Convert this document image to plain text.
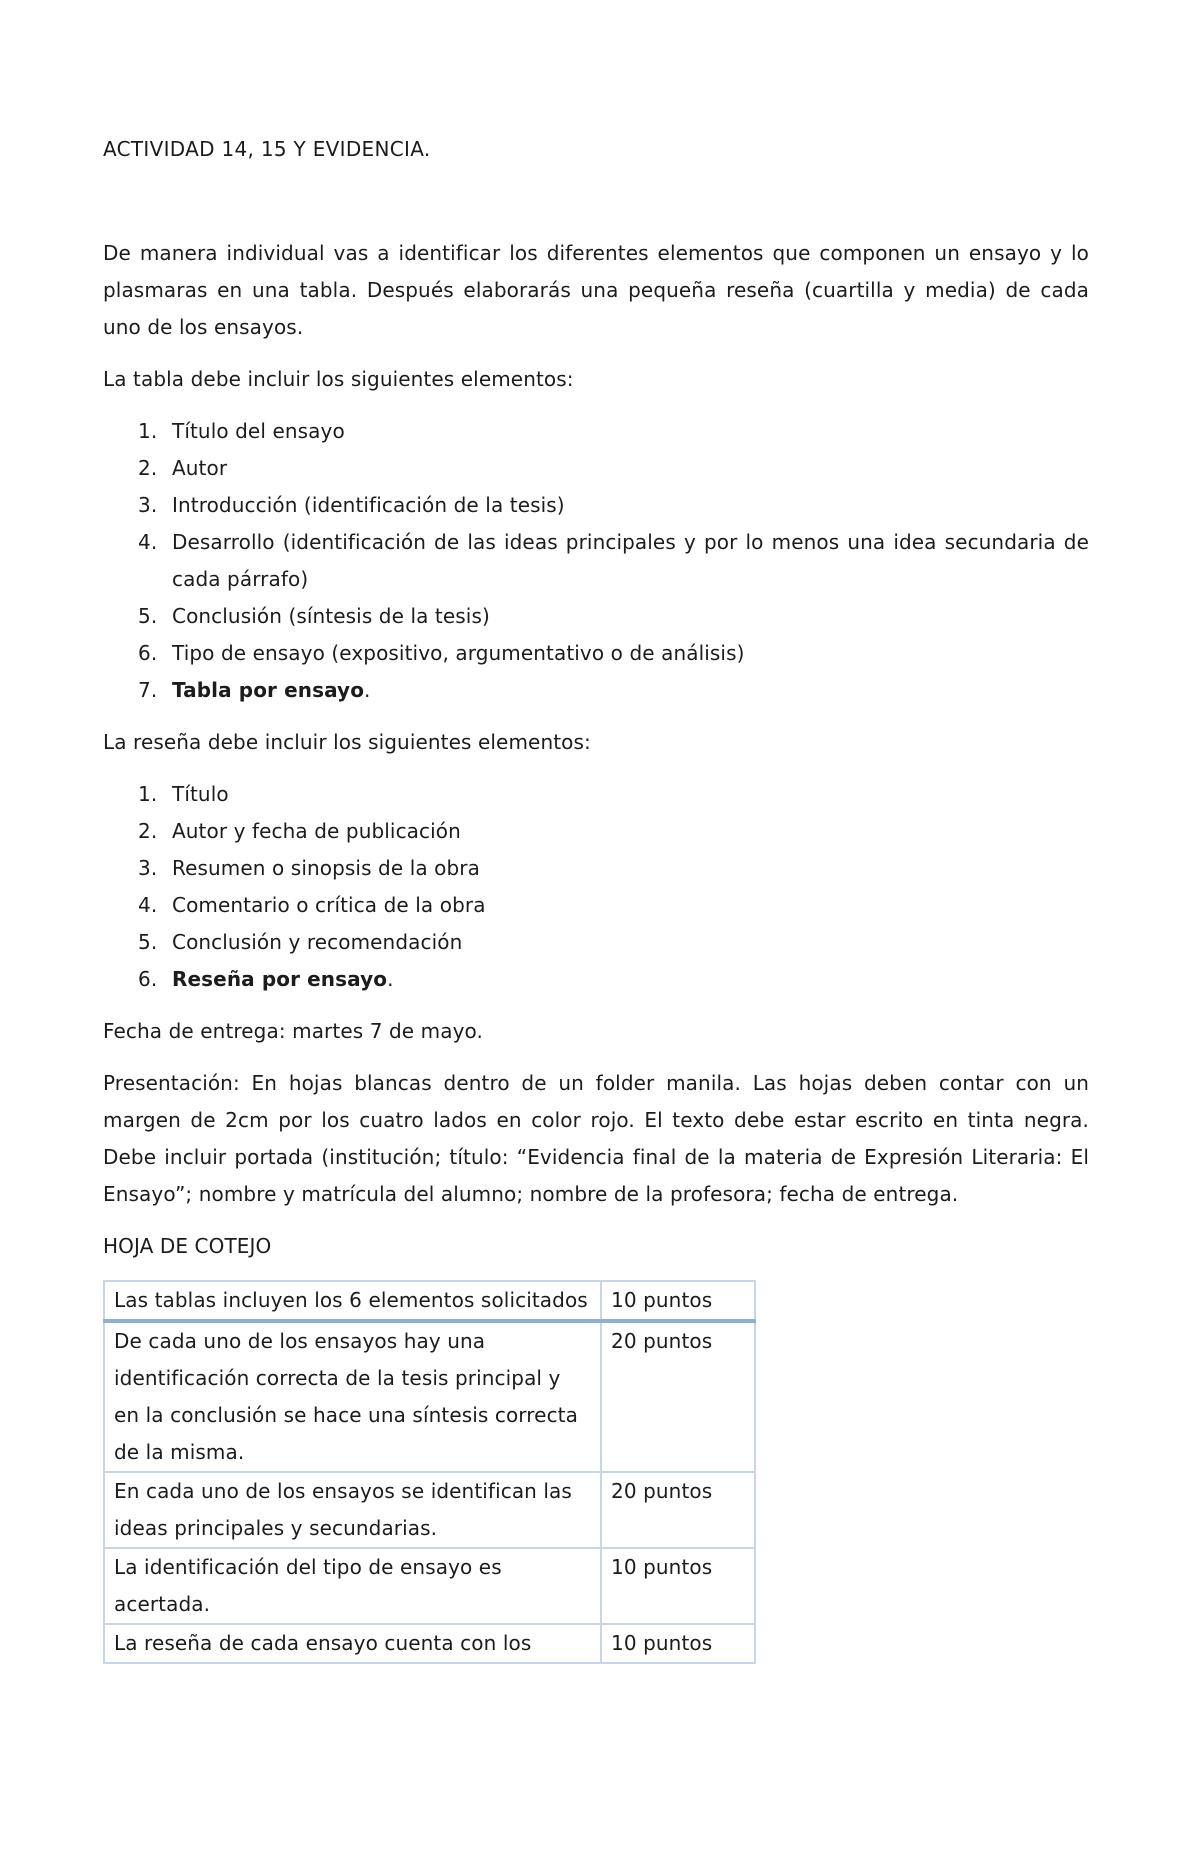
ACTIVIDAD 14, 15 Y EVIDENCIA.

De manera individual vas a identificar los diferentes elementos que componen un ensayo y lo plasmaras en una tabla. Después elaborarás una pequeña reseña (cuartilla y media) de cada uno de los ensayos.

La tabla debe incluir los siguientes elementos:

1. Título del ensayo
2. Autor
3. Introducción (identificación de la tesis)
4. Desarrollo (identificación de las ideas principales y por lo menos una idea secundaria de cada párrafo)
5. Conclusión (síntesis de la tesis)
6. Tipo de ensayo (expositivo, argumentativo o de análisis)
7. Tabla por ensayo.

La reseña debe incluir los siguientes elementos:

1. Título
2. Autor y fecha de publicación
3. Resumen o sinopsis de la obra
4. Comentario o crítica de la obra
5. Conclusión y recomendación
6. Reseña por ensayo.

Fecha de entrega: martes 7 de mayo.

Presentación: En hojas blancas dentro de un folder manila. Las hojas deben contar con un margen de 2cm por los cuatro lados en color rojo. El texto debe estar escrito en tinta negra. Debe incluir portada (institución; título: “Evidencia final de la materia de Expresión Literaria: El Ensayo”; nombre y matrícula del alumno; nombre de la profesora; fecha de entrega.

HOJA DE COTEJO

Las tablas incluyen los 6 elementos solicitados	10 puntos
De cada uno de los ensayos hay una identificación correcta de la tesis principal y en la conclusión se hace una síntesis correcta de la misma.	20 puntos
En cada uno de los ensayos se identifican las ideas principales y secundarias.	20 puntos
La identificación del tipo de ensayo es acertada.	10 puntos
La reseña de cada ensayo cuenta con los	10 puntos
